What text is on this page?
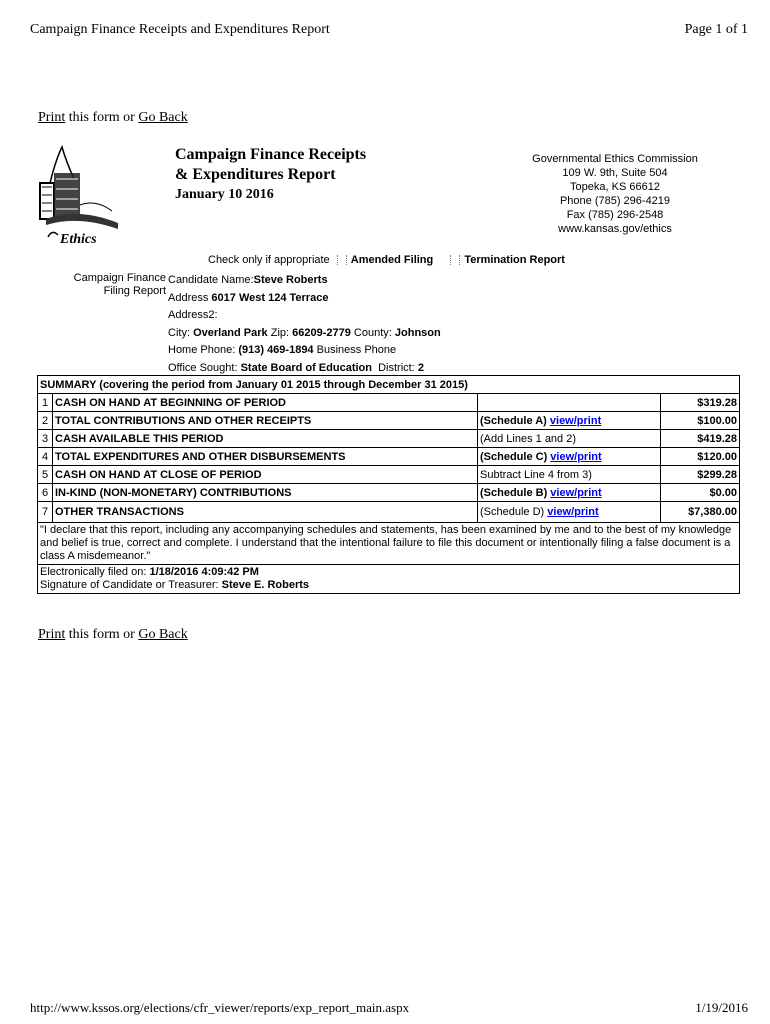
Campaign Finance Receipts and Expenditures Report	Page 1 of 1
Print this form or Go Back
Ethics
Campaign Finance Receipts
& Expenditures Report
January 10 2016
Governmental Ethics Commission
109 W. 9th, Suite 504
Topeka, KS 66612
Phone (785) 296-4219
Fax (785) 296-2548
www.kansas.gov/ethics
Check only if appropriate Amended Filing	Termination Report
Campaign Finance
Filing Report
Candidate Name:Steve Roberts
Address 6017 West 124 Terrace
Address2:
City: Overland Park Zip: 66209-2779 County: Johnson
Home Phone: (913) 469-1894 Business Phone
Office Sought: State Board of Education District: 2
SUMMARY (covering the period from January 01 2015 through December 31 2015)			
1	CASH ON HAND AT BEGINNING OF PERIOD		$319.28
2	TOTAL CONTRIBUTIONS AND OTHER RECEIPTS	(Schedule A) view/print	$100.00
3	CASH AVAILABLE THIS PERIOD	(Add Lines 1 and 2)	$419.28
4	TOTAL EXPENDITURES AND OTHER DISBURSEMENTS	(Schedule C) view/print	$120.00
5	CASH ON HAND AT CLOSE OF PERIOD	Subtract Line 4 from 3)	$299.28
6	IN-KIND (NON-MONETARY) CONTRIBUTIONS	(Schedule B) view/print	$0.00
7	OTHER TRANSACTIONS	(Schedule D) view/print	$7,380.00
"I declare that this report, including any accompanying schedules and statements, has been examined by me and to the best of my knowledge and belief is true, correct and complete. I understand that the intentional failure to file this document or intentionally filing a false document is a class A misdemeanor."			

Electronically filed on: 1/18/2016 4:09:42 PM
Signature of Candidate or Treasurer: Steve E. Roberts			
Print this form or Go Back
http://www.kssos.org/elections/cfr_viewer/reports/exp_report_main.aspx	1/19/2016
